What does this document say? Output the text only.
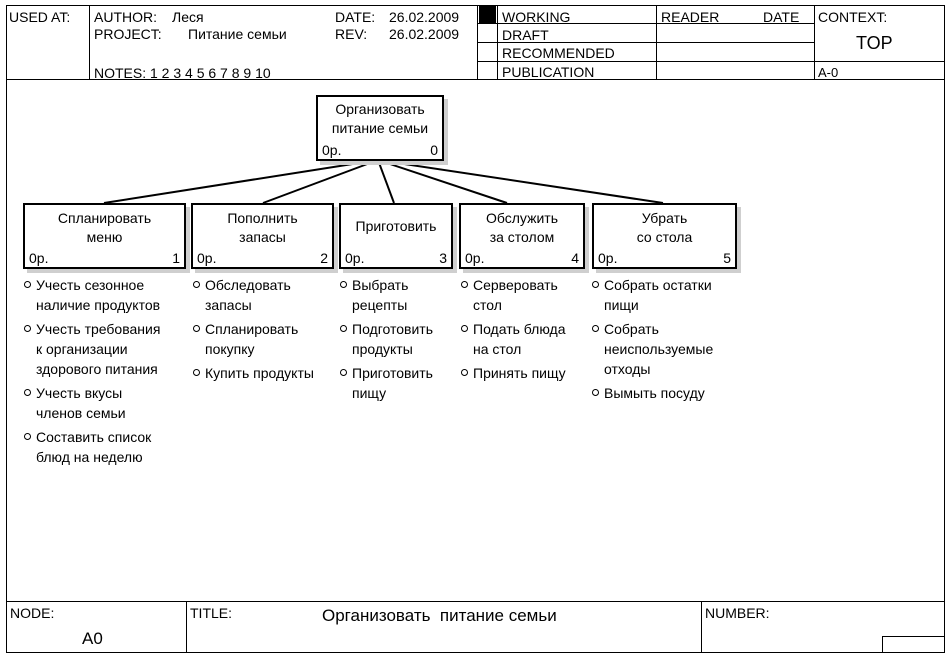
USED AT: AUTHOR: Леся
PROJECT: Питание семьи
NOTES: 1 2 3 4 5 6 7 8 9 10
DATE: 26.02.2009
REV: 26.02.2009
WORKING
DRAFT
RECOMMENDED
PUBLICATION
READER	DATE CONTEXT:
TOP
A-0
Организовать
питание семьи
0р.	0
Спланировать
меню
0р.	1
Пополнить
запасы
0р.	2
Приготовить
0р.	3
Обслужить
за столом
0р.	4
Убрать
со стола
0р.	5
Учесть сезонное
наличие продуктов
Учесть требования
к организации
здорового питания
Учесть вкусы
членов семьи
Составить список
блюд на неделю
Обследовать
запасы
Спланировать
покупку
Купить продукты
Выбрать
рецепты
Подготовить
продукты
Приготовить
пищу
Серверовать
стол
Подать блюда
на стол
Принять пищу
Собрать остатки
пищи
Собрать
неиспользуемые
отходы
Вымыть посуду
NODE:
A0
TITLE:	Организовать  питание семьи	NUMBER:
